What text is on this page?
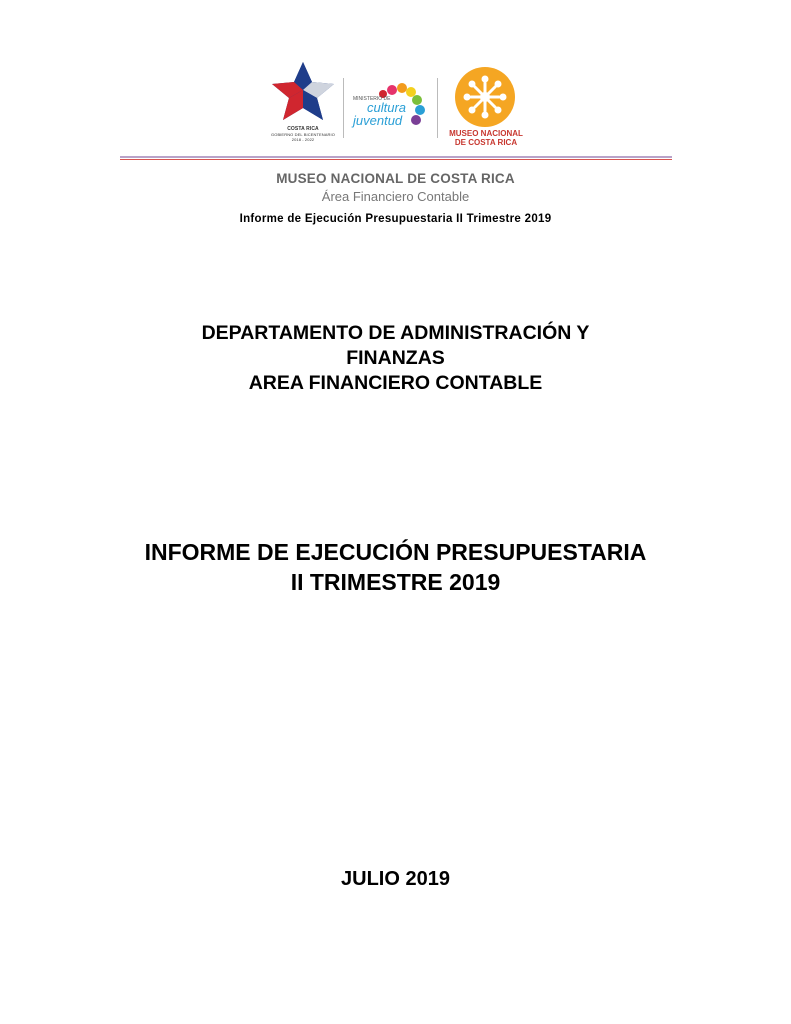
COSTA RICA
GOBIERNO DEL BICENTENARIO
2018 - 2022
MINISTERIO DE
cultura
juventud
MUSEO NACIONAL
DE COSTA RICA
MUSEO NACIONAL DE COSTA RICA
Área Financiero Contable
Informe de Ejecución Presupuestaria II Trimestre 2019
DEPARTAMENTO DE ADMINISTRACIÓN Y
FINANZAS
AREA FINANCIERO CONTABLE
INFORME DE EJECUCIÓN PRESUPUESTARIA
II TRIMESTRE 2019
JULIO 2019
